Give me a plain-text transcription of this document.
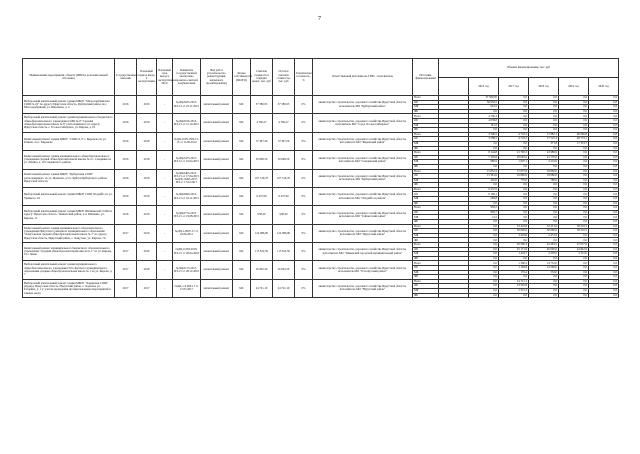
7
Наименование мероприятия, объекта (ИЮЛ и дополнительный источник)	Государственный заказчик	Плановый период ввода в эксплуатацию	Плановый срок ввода в эксплуатацию ПСД	Реквизиты государственной экспертизы проектно-сметной документации	Вид работ (строительство, реконструкция, капремонт, проектирование)	Форма собственности (МО/ГО)	Сметная стоимость в текущих ценах, тыс. руб	Остаток сметной стоимости, тыс. руб	Техническая готовность, %	Ответственный исполнитель ГРБС / исполнитель	Источник финансирования	Объемы финансирования, тыс. руб					
													2016 год	2017 год	2018 год	2019 год	2020 год
Выборочный капитальный ремонт здания МБОУ "Малосеребрянская СОШ № 22" по адресу: Иркутская область, Куйтунский район, пос. Малосеребряный, ул. Школьная, д. 4	2016	2016	-	№ДЦ-0025-2015-ИЭ-15 от 25.11.2015	капитальный ремонт	МС	37 580,95	37 580,95	0%	министерство строительства, дорожного хозяйства Иркутской области, исполнитель МО "Куйтунский район"	Всего		37 580,95	0,0	0,0	0,0	0,0
											ОБ		36 956,5	0,0	0,0	0,0	0,0
											МБ		624,5	0,0	0,0	0,0	0,0
											ФБ		0,0	0,0	0,0	0,0	0,0
Выборочный капитальный ремонт здания муниципального бюджетного общеобразовательного учреждения СОШ № 8 "Средняя общеобразовательная школа № 8" расположенного по адресу: Иркутская область, г. Усолье-Сибирское, ул. Кирова, д. 61	2016	2016	-	№ДЦ-0016-2015-ИЭ-15 от 12.10.2015	капитальный ремонт	МС	4 760,27	4 760,27	0%	министерство строительства, дорожного хозяйства Иркутской области, исполнитель МО "город Усолье-Сибирское"	Всего		4 760,3	0,0	0,0	0,0	0,0
											ОБ		4 658,8	0,0	0,0	0,0	0,0
											МБ		101,5	0,0	0,0	0,0	0,0
											ФБ		0,0	0,0	0,0	0,0	0,0
Капитальный ремонт здания МБОУ "СОШ № 3" г. Киренска по ул. Репина, 4 в г. Киренске	2016	2018	-	№ДЦ-1108-1506-15-15 от 15.09.2014	капитальный ремонт	МС	72 397,26	72 397,26	0%	министерство строительства, дорожного хозяйства Иркутской области, исполнитель МО "Киренский район"	Всего		3 590,5	4 718,3	17 882,1	66 066,8	0,0
											ОБ		3 588,5	4 718,3	17 510,3	48 733,1	0,0
											МБ		2,0	0,0	371,8	17 333,7	0,0
											ФБ		0,0	0,0	0,0	0,0	0,0
Капитальный ремонт здания муниципального общеобразовательного учреждения средней общеобразовательной школы № 2 г. Слюдянки по ул. Ленина, д. 10 Слюдянского района	2016	2018	-	№ДЦ-0475-2017-ИЭ-15 от 10.04.2015	капитальный ремонт	МС	59 098,50	59 098,50	0%	министерство строительства, дорожного хозяйства Иркутской области, исполнитель МО "Слюдянский район"	Всего		8 144,8	21 790,3	43 989,9	0,0	0,0
											ОБ		7 163,9	20 093,2	41 770,0	0,0	0,0
											МБ		980,9	1 697,1	2 219,9	0,0	0,0
											ФБ		0,0	0,0	0,0	0,0	0,0
Капитальный ремонт здания МБОУ "Куйтунская СОШ" расположенного по ул. Жданова, д.5 п. Куйтун Куйтунского района Иркутской области	2016	2018	-	№ДЦ-0463-2015-ИЭ-15 от 17.04.2015 №ЦЭС-0465-2017-ИЭ от 17.02.2017	капитальный ремонт	МС	107 510,70	107 510,70	0%	министерство строительства, дорожного хозяйства Иркутской области, исполнитель МО "Куйтунский район"	Всего		15 832,2	17 675,9	18 860,0	0,0	0,0
											ОБ		15 381,6	16 896,9	18 080,0	0,0	0,0
											МБ		450,6	779,0	780,0	0,0	0,0
											ФБ		0,0	0,0	0,0	0,0	0,0
Выборочный капитальный ремонт здания МБОУ СОШ г.Бодайбо по ул. Урицкого, 16	2016	2016	-	№ДЦ-0990-2015-ИЭ-15 от 16.11.2015	капитальный ремонт	МС	6 437,90	6 437,90	0%	министерство строительства, дорожного хозяйства Иркутской области, исполнитель МО "г.Бодайбо и района"	Всего		6 437,9	0,0	0,0	0,0	0,0
											ОБ		6 189,1	0,0	0,0	0,0	0,0
											МБ		248,8	0,0	0,0	0,0	0,0
											ФБ		0,0	0,0	0,0	0,0	0,0
Выборочный капитальный ремонт здания МБОУ Шиткинской СОШ по адресу: Иркутская область, Тайшетский район, р.п. Шиткино, ул. Кирова, 11	2016	2016	-	№ДЦ-0772-2015-ИЭ-15 от 19.08.2015	капитальный ремонт	МС	958,20	958,20	0%	министерство строительства, дорожного хозяйства Иркутской области, исполнитель МО "Тайшетский район"	Всего		958,2	0,0	0,0	0,0	0,0
											ОБ		936,7	0,0	0,0	0,0	0,0
											МБ		21,5	0,0	0,0	0,0	0,0
											ФБ		0,0	0,0	0,0	0,0	0,0
Капитальный ремонт здания муниципального образовательного учреждения Иркутского районного муниципального образования "Хомутовская средняя общеобразовательная школа № 1" по адресу: Иркутская область, Иркутский район, с. Хомутово, ул. Кирова, 7А	2017	2019	-	№ДЦ-1-0097-17 от 22.06.2012	капитальный ремонт	МС	124 086,90	124 086,90	0%	министерство строительства, дорожного хозяйства Иркутской области, исполнитель МО "Иркутский район"	Всего		0,0	33 418,8	32 451,6	58 216,5	0,0
											ОБ		0,0	30 000,0	30 000,0	58 216,5	0,0
											МБ		0,0	3 418,8	2 451,6	0,0	0,0
											ФБ		0,0	0,0	0,0	0,0	0,0
Капитальный ремонт муниципального бюджетного образовательного учреждения "Средняя общеобразовательная школа № 1" по ул. Кирова, 19 г. Зимы	2017	2019	-	№ДЦ-0 058-2018-ИЭ-15 от 28.04.2018	капитальный ремонт	МС	115 812,50	115 812,50	0%	министерство строительства, дорожного хозяйства Иркутской области, исполнитель МО "Зиминский городской муниципальный район"	Всего		0,0	26 596,3	42 293,5	47 057,9	0,0
											ОБ		0,0	25 171,6	40 000,0	44 842,9	0,0
											МБ		0,0	1 424,7	2 293,5	2 215,0	0,0
											ФБ		0,0	0,0	0,0	0,0	0,0
Выборочный капитальный ремонт здания муниципального общеобразовательного учреждения Усть-Кутского муниципального образования средняя общеобразовательная школа № 1 по ул. Кирова, д. 7	2017	2018	-	№ДЦ-0175-2017-ИЭ-15 от 28.12.2016	капитальный ремонт	МС	16 092,20	16 092,20	0%	министерство строительства, дорожного хозяйства Иркутской области, исполнитель МО "Усть-Кутский район"	Всего		0,0	1 360,2	14 732,0	0,0	0,0
											ОБ		0,0	1 183,8	14 200,0	0,0	0,0
											МБ		0,0	176,4	532,0	0,0	0,0
											ФБ		0,0	0,0	0,0	0,0	0,0
Выборочный капитальный ремонт здания МБОУ "Харикская СОШ" (Ордер), Иркутская область, Нукутский район, с. Хадахан, ул. Гагарина, д. 1 (с учетом проведения противопожарных мероприятий и замены окон)	2017	2017	-	№ДЦ-1-0 006-17 от 15.05.2017	капитальный ремонт	МС	24 721,10	24 721,10	0%	министерство строительства, дорожного хозяйства Иркутской области, исполнитель МО "Нукутский район"	Всего		0,0	24 721,1	0,0	0,0	0,0
											ОБ		0,0	23 505,8	0,0	0,0	0,0
											МБ		0,0	1 215,3	0,0	0,0	0,0
											ФБ		0,0	0,0	0,0	0,0	0,0
